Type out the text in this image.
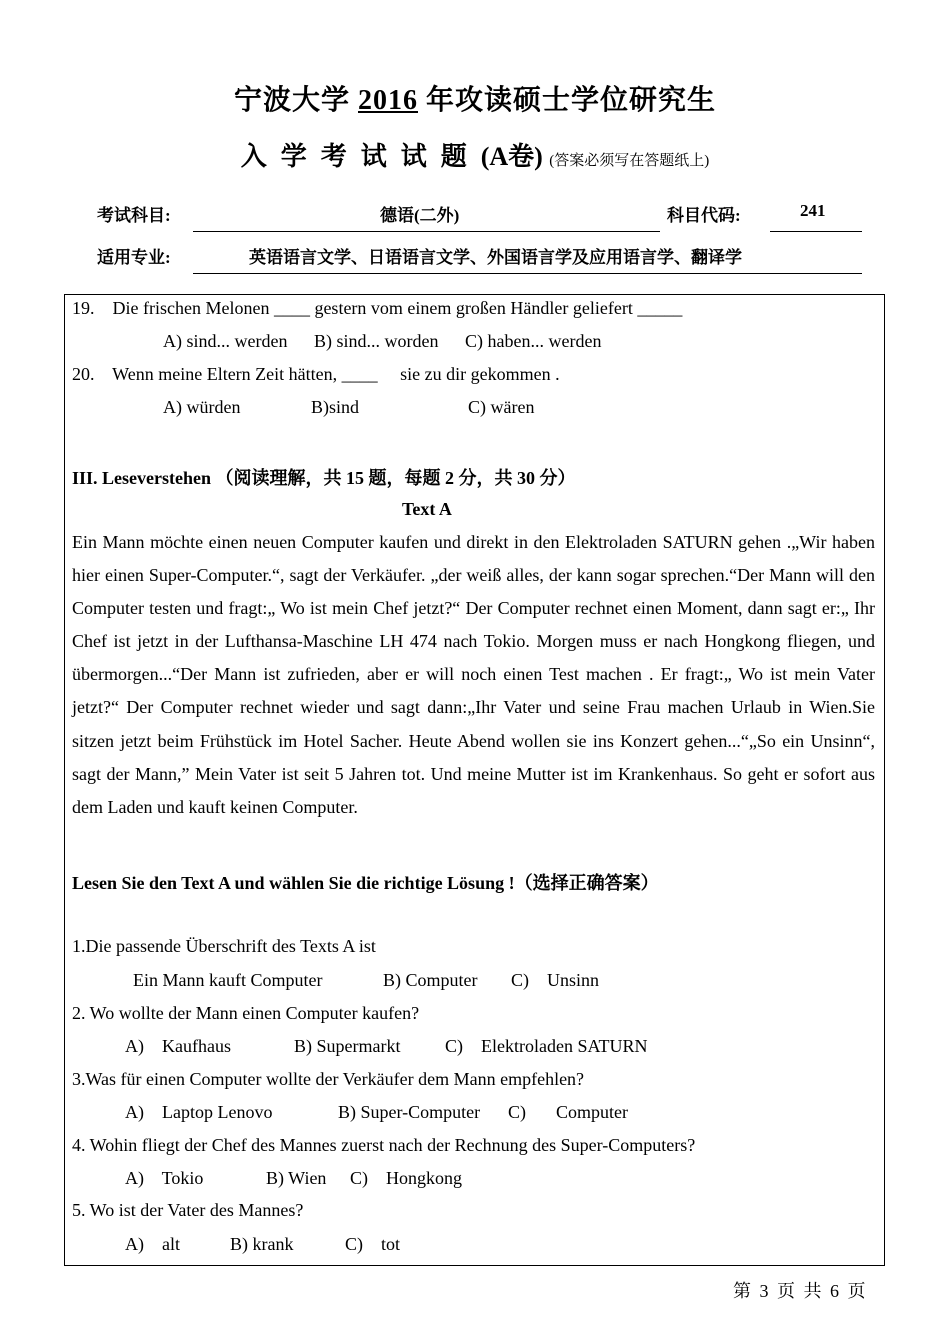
宁波大学 2016 年攻读硕士学位研究生
入学考试试题(A卷) (答案必须写在答题纸上)
考试科目:	德语(二外)	科目代码:	241
适用专业:	英语语言文学、日语语言文学、外国语言学及应用语言学、翻译学
19.    Die frischen Melonen ____ gestern vom einem großen Händler geliefert _____
A) sind... werden B) sind... worden C) haben... werden
20.    Wenn meine Eltern Zeit hätten, ____     sie zu dir gekommen .
A) würden	B)sind	C) wären
III. Leseverstehen （阅读理解，共 15 题，每题 2 分，共 30 分）
Text A
Ein Mann möchte einen neuen Computer kaufen und direkt in den Elektroladen SATURN gehen .„Wir haben hier einen Super-Computer.“, sagt der Verkäufer. „der weiß alles, der kann sogar sprechen.“Der Mann will den Computer testen und fragt:„ Wo ist mein Chef jetzt?“ Der Computer rechnet einen Moment, dann sagt er:„ Ihr Chef ist jetzt in der Lufthansa-Maschine LH 474 nach Tokio. Morgen muss er nach Hongkong fliegen, und übermorgen...“Der Mann ist zufrieden, aber er will noch einen Test machen . Er fragt:„ Wo ist mein Vater jetzt?“ Der Computer rechnet wieder und sagt dann:„Ihr Vater und seine Frau machen Urlaub in Wien.Sie sitzen jetzt beim Frühstück im Hotel Sacher. Heute Abend wollen sie ins Konzert gehen...“„So ein Unsinn“, sagt der Mann,” Mein Vater ist seit 5 Jahren tot. Und meine Mutter ist im Krankenhaus. So geht er sofort aus dem Laden und kauft keinen Computer.
Lesen Sie den Text A und wählen Sie die richtige Lösung !（选择正确答案）
1.Die passende Überschrift des Texts A ist
Ein Mann kauft Computer	B) Computer C)    Unsinn
2. Wo wollte der Mann einen Computer kaufen?
A)    Kaufhaus	B) Supermarkt C)    Elektroladen SATURN
3.Was für einen Computer wollte der Verkäufer dem Mann empfehlen?
A)    Laptop Lenovo	B) Super-Computer C) Computer
4. Wohin fliegt der Chef des Mannes zuerst nach der Rechnung des Super-Computers?
A)    Tokio	B) Wien C)    Hongkong
5. Wo ist der Vater des Mannes?
A)    alt	B) krank	C)    tot
第 3 页 共 6 页
